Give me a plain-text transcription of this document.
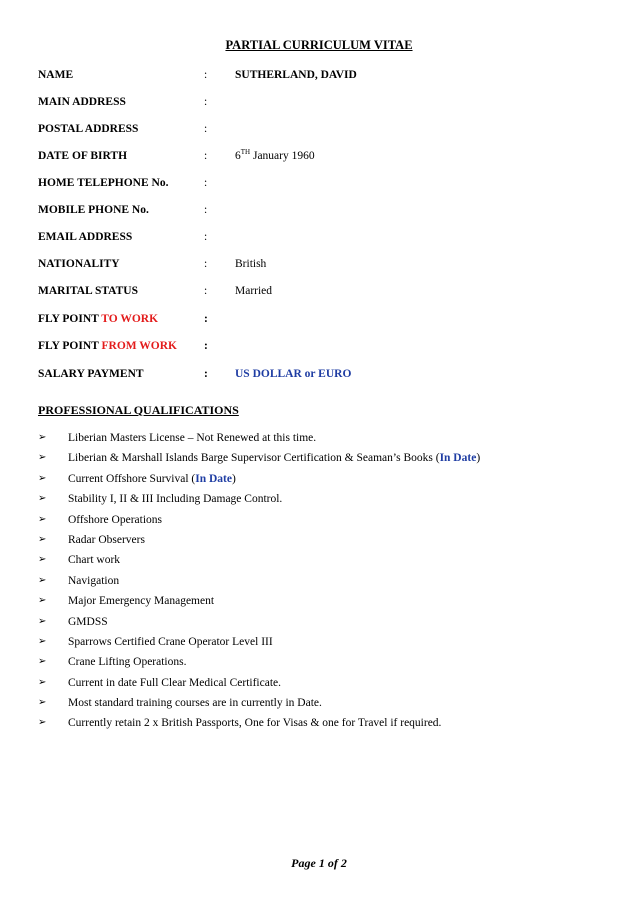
PARTIAL CURRICULUM VITAE
NAME	: SUTHERLAND, DAVID
MAIN ADDRESS	:
POSTAL ADDRESS	:
DATE OF BIRTH	: 6TH January 1960
HOME TELEPHONE No.	:
MOBILE PHONE No.	:
EMAIL ADDRESS	:
NATIONALITY	: British
MARITAL STATUS	: Married
FLY POINT TO WORK	:
FLY POINT FROM WORK :
SALARY PAYMENT	: US DOLLAR or EURO
PROFESSIONAL QUALIFICATIONS
➢	Liberian Masters License – Not Renewed at this time.
➢	Liberian & Marshall Islands Barge Supervisor Certification & Seaman’s Books (In Date)
➢	Current Offshore Survival (In Date)
➢	Stability I, II & III Including Damage Control.
➢	Offshore Operations
➢	Radar Observers
➢	Chart work
➢	Navigation
➢	Major Emergency Management
➢	GMDSS
➢	Sparrows Certified Crane Operator Level III
➢	Crane Lifting Operations.
➢	Current in date Full Clear Medical Certificate.
➢	Most standard training courses are in currently in Date.
➢	Currently retain 2 x British Passports, One for Visas & one for Travel if required.
Page 1 of 2
